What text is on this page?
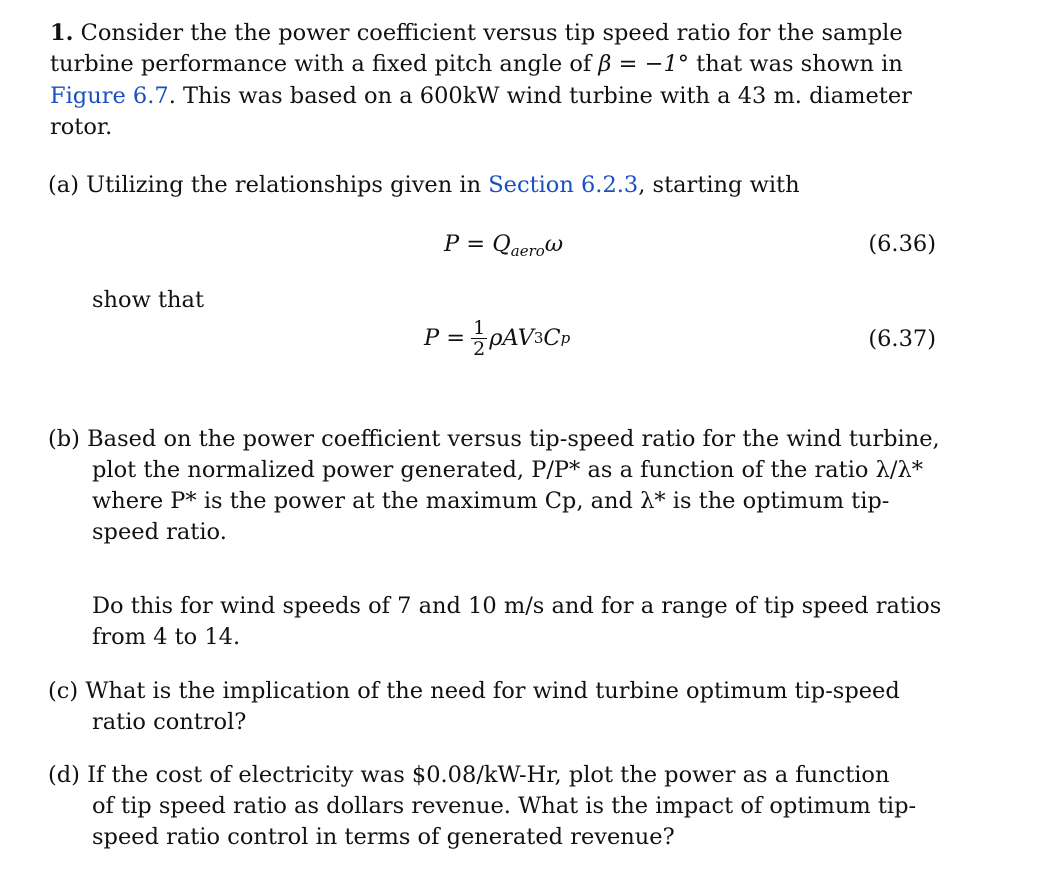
1. Consider the the power coefficient versus tip speed ratio for the sample
turbine performance with a fixed pitch angle of β = −1° that was shown in
Figure 6.7. This was based on a 600kW wind turbine with a 43 m. diameter
rotor.
(a) Utilizing the relationships given in Section 6.2.3, starting with
$P = Q_{aero}\omega$	(6.36)
show that
$P = \frac{1}{2}$ ρAV 3 C p	(6.37)
(b) Based on the power coefficient versus tip-speed ratio for the wind turbine,
plot the normalized power generated, P/P* as a function of the ratio λ/λ*
where P* is the power at the maximum Cp, and λ* is the optimum tip-
speed ratio.
Do this for wind speeds of 7 and 10 m/s and for a range of tip speed ratios
from 4 to 14.
(c) What is the implication of the need for wind turbine optimum tip-speed
ratio control?
(d) If the cost of electricity was $0.08/kW-Hr, plot the power as a function
of tip speed ratio as dollars revenue. What is the impact of optimum tip-
speed ratio control in terms of generated revenue?
